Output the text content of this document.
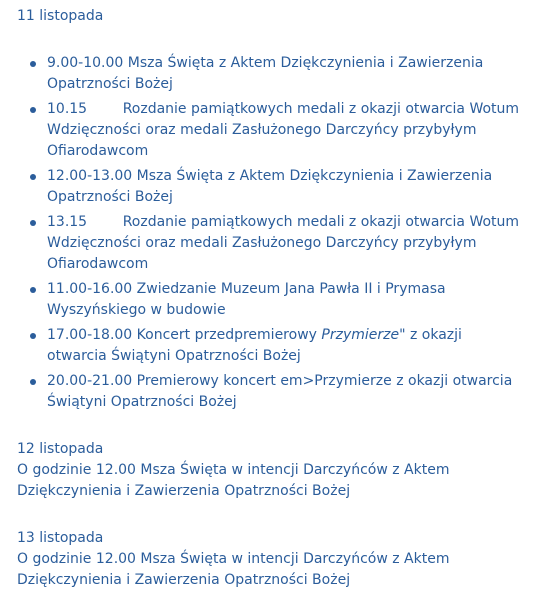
11 listopada
9.00-10.00 Msza Święta z Aktem Dziękczynienia i Zawierzenia Opatrzności Bożej
10.15        Rozdanie pamiątkowych medali z okazji otwarcia Wotum Wdzięczności oraz medali Zasłużonego Darczyńcy przybyłym Ofiarodawcom
12.00-13.00 Msza Święta z Aktem Dziękczynienia i Zawierzenia Opatrzności Bożej
13.15        Rozdanie pamiątkowych medali z okazji otwarcia Wotum Wdzięczności oraz medali Zasłużonego Darczyńcy przybyłym Ofiarodawcom
11.00-16.00 Zwiedzanie Muzeum Jana Pawła II i Prymasa Wyszyńskiego w budowie
17.00-18.00 Koncert przedpremierowy Przymierze" z okazji otwarcia Świątyni Opatrzności Bożej
20.00-21.00 Premierowy koncert em>Przymierze z okazji otwarcia Świątyni Opatrzności Bożej

12 listopada

O godzinie 12.00 Msza Święta w intencji Darczyńców z Aktem Dziękczynienia i Zawierzenia Opatrzności Bożej

13 listopada

O godzinie 12.00 Msza Święta w intencji Darczyńców z Aktem Dziękczynienia i Zawierzenia Opatrzności Bożej
